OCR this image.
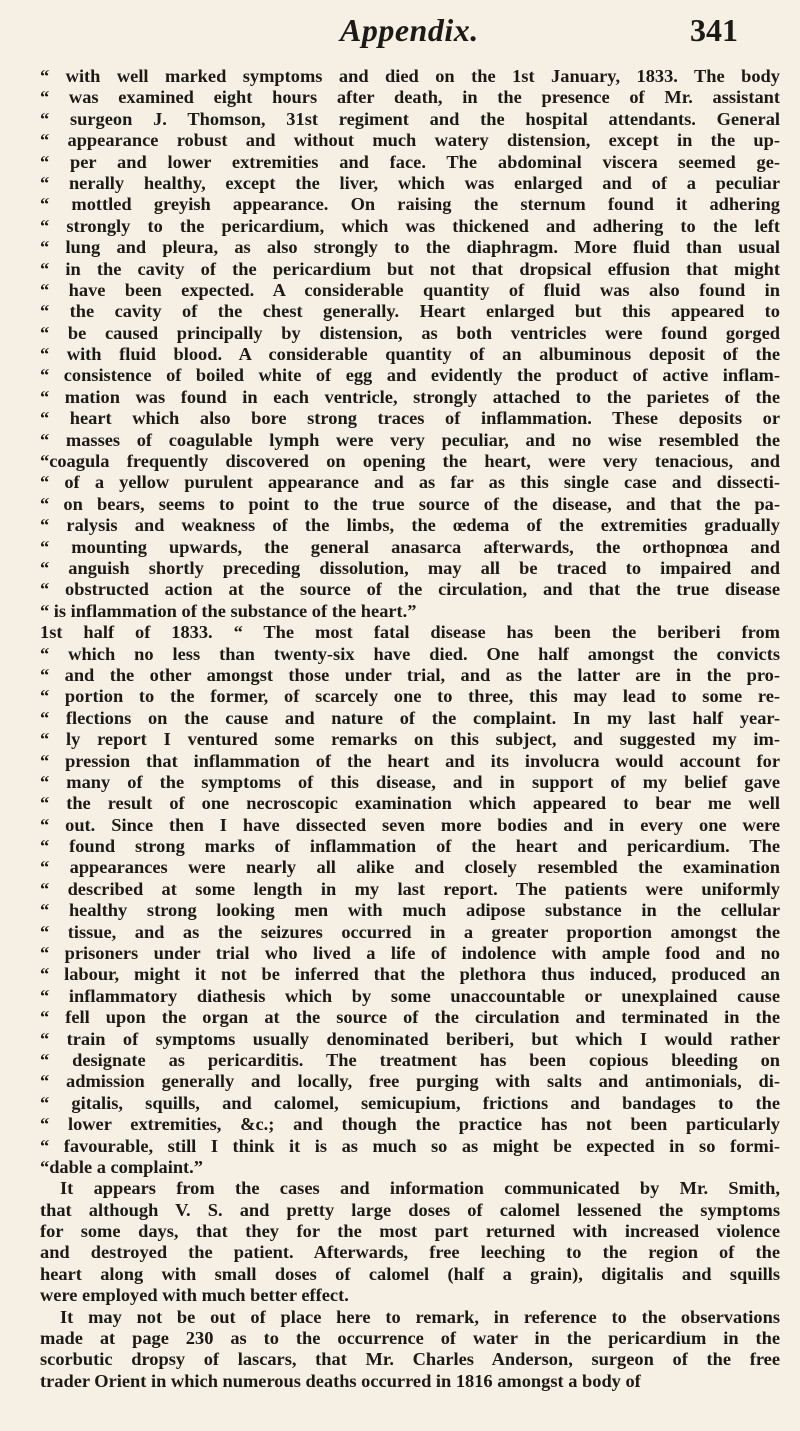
Appendix.	341
“ with well marked symptoms and died on the 1st January, 1833. The body
“ was examined eight hours after death, in the presence of Mr. assistant
“ surgeon J. Thomson, 31st regiment and the hospital attendants. General
“ appearance robust and without much watery distension, except in the up-
“ per and lower extremities and face. The abdominal viscera seemed ge-
“ nerally healthy, except the liver, which was enlarged and of a peculiar
“ mottled greyish appearance. On raising the sternum found it adhering
“ strongly to the pericardium, which was thickened and adhering to the left
“ lung and pleura, as also strongly to the diaphragm. More fluid than usual
“ in the cavity of the pericardium but not that dropsical effusion that might
“ have been expected. A considerable quantity of fluid was also found in
“ the cavity of the chest generally. Heart enlarged but this appeared to
“ be caused principally by distension, as both ventricles were found gorged
“ with fluid blood. A considerable quantity of an albuminous deposit of the
“ consistence of boiled white of egg and evidently the product of active inflam-
“ mation was found in each ventricle, strongly attached to the parietes of the
“ heart which also bore strong traces of inflammation. These deposits or
“ masses of coagulable lymph were very peculiar, and no wise resembled the
“coagula frequently discovered on opening the heart, were very tenacious, and
“ of a yellow purulent appearance and as far as this single case and dissecti-
“ on bears, seems to point to the true source of the disease, and that the pa-
“ ralysis and weakness of the limbs, the œdema of the extremities gradually
“ mounting upwards, the general anasarca afterwards, the orthopnœa and
“ anguish shortly preceding dissolution, may all be traced to impaired and
“ obstructed action at the source of the circulation, and that the true disease
“ is inflammation of the substance of the heart.”
1st half of 1833. “ The most fatal disease has been the beriberi from
“ which no less than twenty-six have died. One half amongst the convicts
“ and the other amongst those under trial, and as the latter are in the pro-
“ portion to the former, of scarcely one to three, this may lead to some re-
“ flections on the cause and nature of the complaint. In my last half year-
“ ly report I ventured some remarks on this subject, and suggested my im-
“ pression that inflammation of the heart and its involucra would account for
“ many of the symptoms of this disease, and in support of my belief gave
“ the result of one necroscopic examination which appeared to bear me well
“ out. Since then I have dissected seven more bodies and in every one were
“ found strong marks of inflammation of the heart and pericardium. The
“ appearances were nearly all alike and closely resembled the examination
“ described at some length in my last report. The patients were uniformly
“ healthy strong looking men with much adipose substance in the cellular
“ tissue, and as the seizures occurred in a greater proportion amongst the
“ prisoners under trial who lived a life of indolence with ample food and no
“ labour, might it not be inferred that the plethora thus induced, produced an
“ inflammatory diathesis which by some unaccountable or unexplained cause
“ fell upon the organ at the source of the circulation and terminated in the
“ train of symptoms usually denominated beriberi, but which I would rather
“ designate as pericarditis. The treatment has been copious bleeding on
“ admission generally and locally, free purging with salts and antimonials, di-
“ gitalis, squills, and calomel, semicupium, frictions and bandages to the
“ lower extremities, &c.; and though the practice has not been particularly
“ favourable, still I think it is as much so as might be expected in so formi-
“dable a complaint.”
It appears from the cases and information communicated by Mr. Smith,
that although V. S. and pretty large doses of calomel lessened the symptoms
for some days, that they for the most part returned with increased violence
and destroyed the patient. Afterwards, free leeching to the region of the
heart along with small doses of calomel (half a grain), digitalis and squills
were employed with much better effect.
It may not be out of place here to remark, in reference to the observations
made at page 230 as to the occurrence of water in the pericardium in the
scorbutic dropsy of lascars, that Mr. Charles Anderson, surgeon of the free
trader Orient in which numerous deaths occurred in 1816 amongst a body of
